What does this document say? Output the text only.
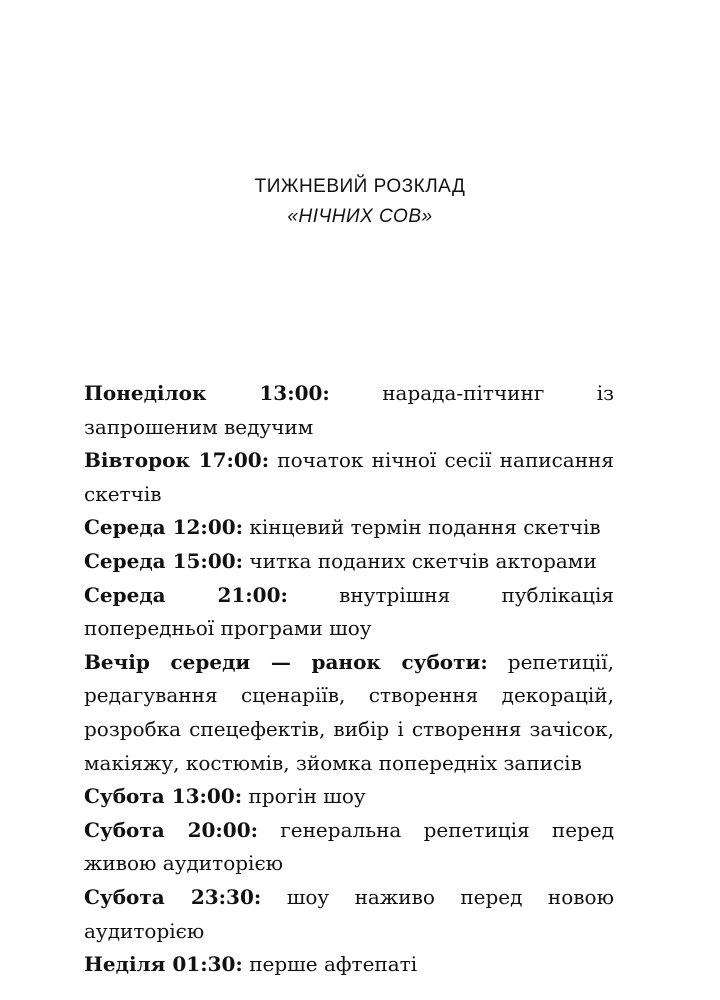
ТИЖНЕВИЙ РОЗКЛАД
«НІЧНИХ СОВ»

Понеділок 13:00:	нарада-пітчинг із запрошеним ведучим

Вівторок 17:00: початок нічної сесії написання скетчів

Середа 12:00: кінцевий термін подання скетчів

Середа 15:00: читка поданих скетчів акторами

Середа 21:00:	внутрішня публікація попередньої програми шоу

Вечір середи — ранок суботи: репетиції, редагування сценаріїв, створення декорацій, розробка спецефектів, вибір і створення зачісок, макіяжу, костюмів, зйомка попередніх записів

Субота 13:00: прогін шоу

Субота 20:00: генеральна репетиція перед живою аудиторією

Субота 23:30: шоу наживо перед новою аудиторією

Неділя 01:30: перше афтепаті
